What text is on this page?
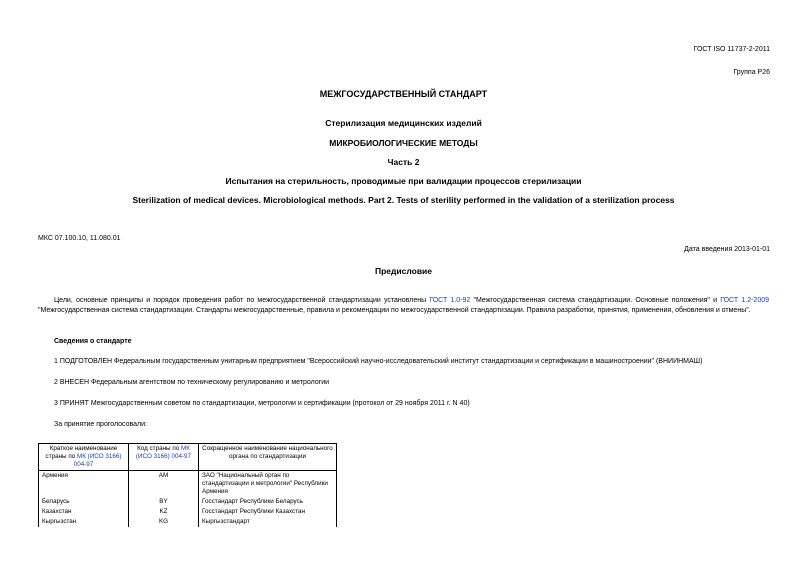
ГОСТ ISO 11737-2-2011
Группа Р26
МЕЖГОСУДАРСТВЕННЫЙ СТАНДАРТ
Стерилизация медицинских изделий
МИКРОБИОЛОГИЧЕСКИЕ МЕТОДЫ
Часть 2
Испытания на стерильность, проводимые при валидации процессов стерилизации
Sterilization of medical devices. Microbiological methods. Part 2. Tests of sterility performed in the validation of a sterilization process
МКС 07.100.10, 11.080.01
Дата введения 2013-01-01
Предисловие
Цели, основные принципы и порядок проведения работ по межгосударственной стандартизации установлены ГОСТ 1.0-92 "Межгосударственная система стандартизации. Основные положения" и ГОСТ 1.2-2009 "Межгосударственная система стандартизации. Стандарты межгосударственные, правила и рекомендации по межгосударственной стандартизации. Правила разработки, принятия, применения, обновления и отмены".
Сведения о стандарте
1 ПОДГОТОВЛЕН Федеральным государственным унитарным предприятием "Всероссийский научно-исследовательский институт стандартизации и сертификации в машиностроении" (ВНИИНМАШ)
2 ВНЕСЕН Федеральным агентством по техническому регулированию и метрологии
3 ПРИНЯТ Межгосударственным советом по стандартизации, метрологии и сертификации (протокол от 29 ноября 2011 г. N 40)
За принятие проголосовали:
Краткое наименование страны по МК (ИСО 3166) 004-97	Код страны по МК (ИСО 3166) 004-97	Сокращенное наименование национального органа по стандартизации
Армения	AM	ЗАО "Национальный орган по стандартизации и метрологии" Республики Армения
Беларусь	BY	Госстандарт Республики Беларусь
Казахстан	KZ	Госстандарт Республики Казахстан
Кыргызстан	KG	Кыргызстандарт
